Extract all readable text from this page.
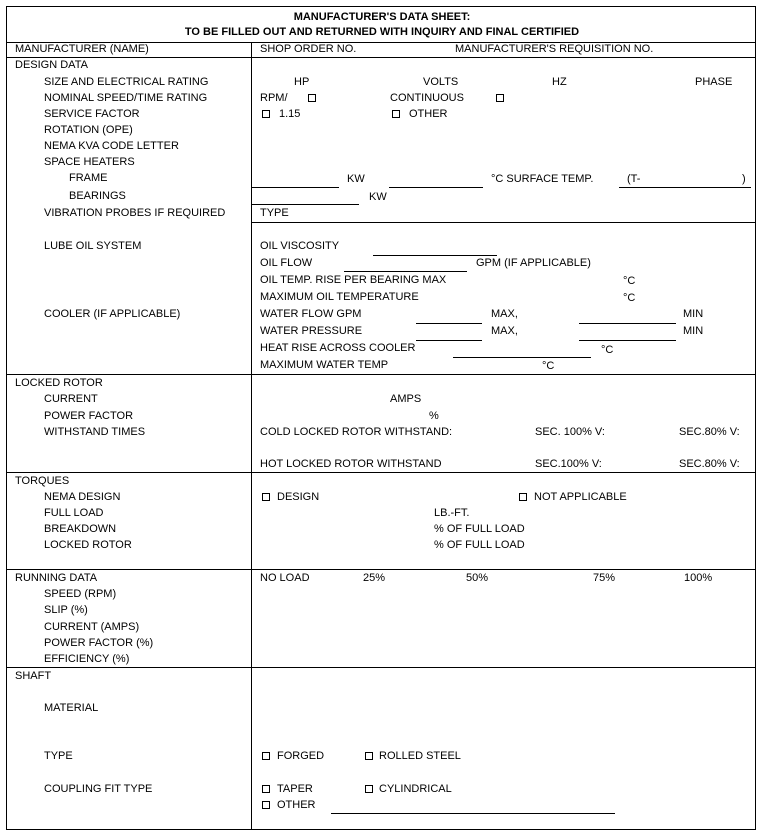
MANUFACTURER'S DATA SHEET:
TO BE FILLED OUT AND RETURNED WITH INQUIRY AND FINAL CERTIFIED
MANUFACTURER (NAME)	SHOP ORDER NO.	MANUFACTURER'S REQUISITION NO.
DESIGN DATA
SIZE AND ELECTRICAL RATING	HP	VOLTS	HZ	PHASE
NOMINAL SPEED/TIME RATING	RPM/	CONTINUOUS
SERVICE FACTOR	1.15	OTHER
ROTATION (OPE)
NEMA KVA CODE LETTER
SPACE HEATERS
FRAME	KW	°C SURFACE TEMP.	(T-	)
BEARINGS	KW
VIBRATION PROBES IF REQUIRED	TYPE
LUBE OIL SYSTEM	OIL VISCOSITY
OIL FLOW	GPM (IF APPLICABLE)
OIL TEMP. RISE PER BEARING MAX	°C
MAXIMUM OIL TEMPERATURE	°C
COOLER (IF APPLICABLE)	WATER FLOW GPM	MAX,	MIN
WATER PRESSURE	MAX,	MIN
HEAT RISE ACROSS COOLER	°C
MAXIMUM WATER TEMP	°C
LOCKED ROTOR
CURRENT	AMPS
POWER FACTOR	%
WITHSTAND TIMES	COLD LOCKED ROTOR WITHSTAND:	SEC. 100% V:	SEC.80% V:
HOT LOCKED ROTOR WITHSTAND	SEC.100% V:	SEC.80% V:
TORQUES
NEMA DESIGN	DESIGN	NOT APPLICABLE
FULL LOAD	LB.-FT.
BREAKDOWN	% OF FULL LOAD
LOCKED ROTOR	% OF FULL LOAD
RUNNING DATA	NO LOAD	25%	50%	75%	100%
SPEED (RPM)
SLIP (%)
CURRENT (AMPS)
POWER FACTOR (%)
EFFICIENCY (%)
SHAFT
MATERIAL
TYPE	FORGED	ROLLED STEEL
COUPLING FIT TYPE	TAPER	CYLINDRICAL
OTHER
